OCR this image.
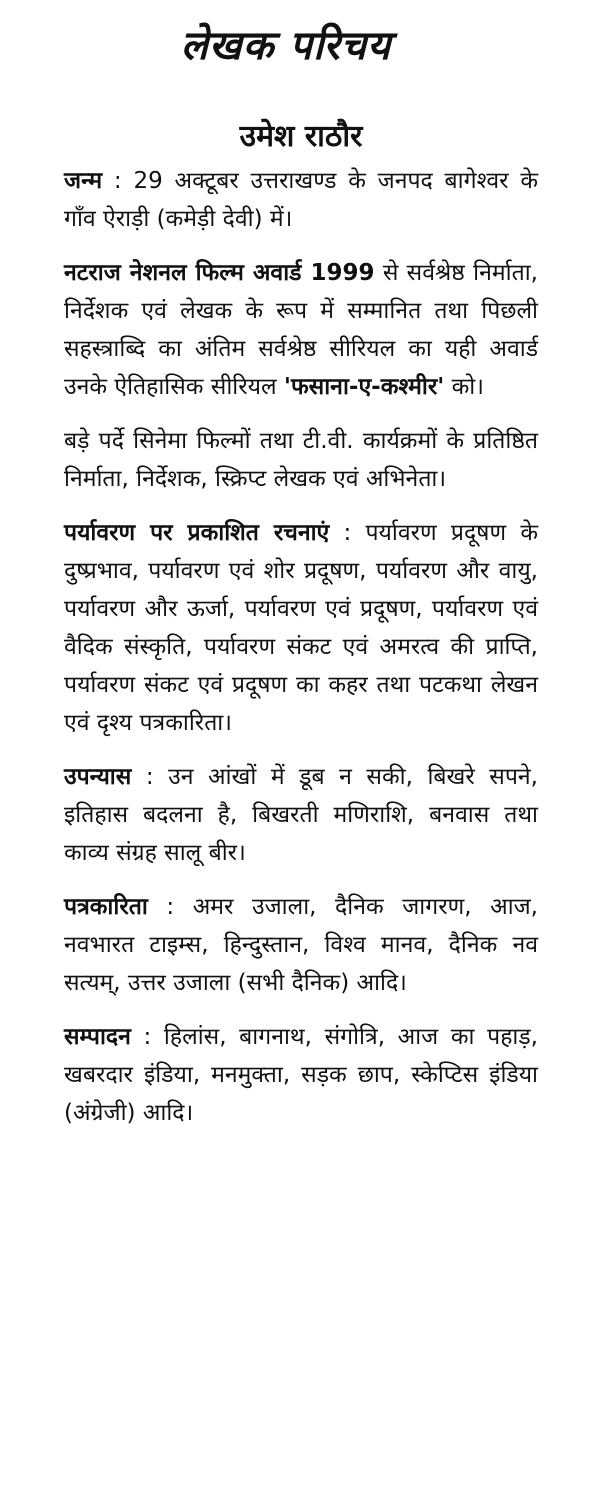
लेखक परिचय
उमेश राठौर

जन्म : 29 अक्टूबर उत्तराखण्ड के जनपद बागेश्वर के गाँव ऐराड़ी (कमेड़ी देवी) में।

नटराज नेशनल फिल्म अवार्ड 1999 से सर्वश्रेष्ठ निर्माता, निर्देशक एवं लेखक के रूप में सम्मानित तथा पिछली सहस्त्राब्दि का अंतिम सर्वश्रेष्ठ सीरियल का यही अवार्ड उनके ऐतिहासिक सीरियल 'फसाना-ए-कश्मीर' को।

बड़े पर्दे सिनेमा फिल्मों तथा टी.वी. कार्यक्रमों के प्रतिष्ठित निर्माता, निर्देशक, स्क्रिप्ट लेखक एवं अभिनेता।

पर्यावरण पर प्रकाशित रचनाएं : पर्यावरण प्रदूषण के दुष्प्रभाव, पर्यावरण एवं शोर प्रदूषण, पर्यावरण और वायु, पर्यावरण और ऊर्जा, पर्यावरण एवं प्रदूषण, पर्यावरण एवं वैदिक संस्कृति, पर्यावरण संकट एवं अमरत्व की प्राप्ति, पर्यावरण संकट एवं प्रदूषण का कहर तथा पटकथा लेखन एवं दृश्य पत्रकारिता।

उपन्यास : उन आंखों में डूब न सकी, बिखरे सपने, इतिहास बदलना है, बिखरती मणिराशि, बनवास तथा काव्य संग्रह सालू बीर।

पत्रकारिता : अमर उजाला, दैनिक जागरण, आज, नवभारत टाइम्स, हिन्दुस्तान, विश्व मानव, दैनिक नव सत्यम्, उत्तर उजाला (सभी दैनिक) आदि।

सम्पादन : हिलांस, बागनाथ, संगोत्रि, आज का पहाड़, खबरदार इंडिया, मनमुक्ता, सड़क छाप, स्केप्टिस इंडिया (अंग्रेजी) आदि।
